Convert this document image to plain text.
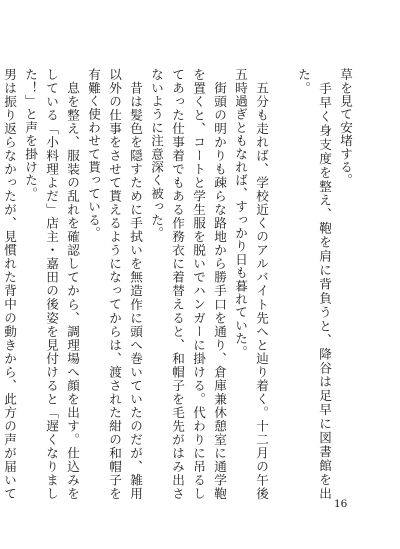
草を見て安堵する。

　手早く身支度を整え、鞄を肩に背負うと、降谷は足早に図書館を出た。

　五分も走れば、学校近くのアルバイト先へと辿り着く。十二月の午後五時過ぎともなれば、すっかり日も暮れていた。

　街頭の明かりも疎らな路地から勝手口を通り、倉庫兼休憩室に通学鞄を置くと、コートと学生服を脱いでハンガーに掛ける。代わりに吊るしてあった仕事着でもある作務衣に着替えると、和帽子を毛先がはみ出さないように注意深く被った。

　昔は髪色を隠すために手拭いを無造作に頭へ巻いていたのだが、雑用以外の仕事をさせて貰えるようになってからは、渡された紺の和帽子を有難く使わせて貰っている。

　息を整え、服装の乱れを確認してから、調理場へ顔を出す。仕込みをしている「小料理よだ」店主・嘉田の後姿を見付けると「遅くなりました！」と声を掛けた。

男は振り返らなかったが、見慣れた背中の動きから、此方の声が届いて

16
